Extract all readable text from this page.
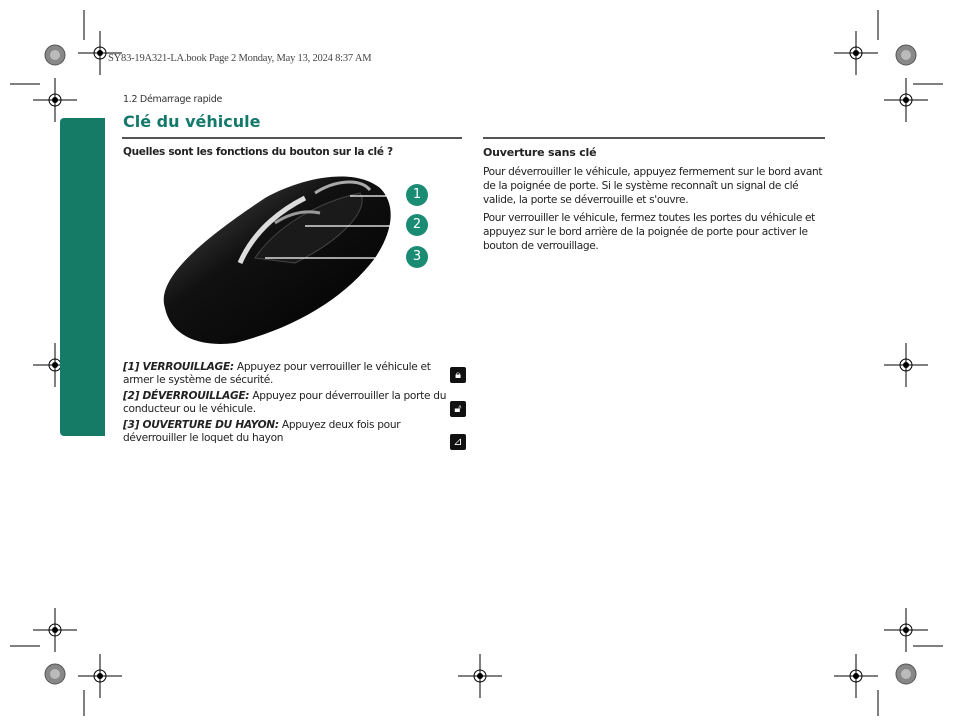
SY83-19A321-LA.book Page 2 Monday, May 13, 2024 8:37 AM
1.2 Démarrage rapide
Clé du véhicule
Quelles sont les fonctions du bouton sur la clé ?
1
2
3

[1] VERROUILLAGE: Appuyez pour verrouiller le véhicule et armer le système de sécurité.

[2] DÉVERROUILLAGE: Appuyez pour déverrouiller la porte du conducteur ou le véhicule.

[3] OUVERTURE DU HAYON: Appuyez deux fois pour déverrouiller le loquet du hayon

🔒︎
🔓︎
⊿
Ouverture sans clé

Pour déverrouiller le véhicule, appuyez fermement sur le bord avant de la poignée de porte. Si le système reconnaît un signal de clé valide, la porte se déverrouille et s'ouvre.

Pour verrouiller le véhicule, fermez toutes les portes du véhicule et appuyez sur le bord arrière de la poignée de porte pour activer le bouton de verrouillage.
